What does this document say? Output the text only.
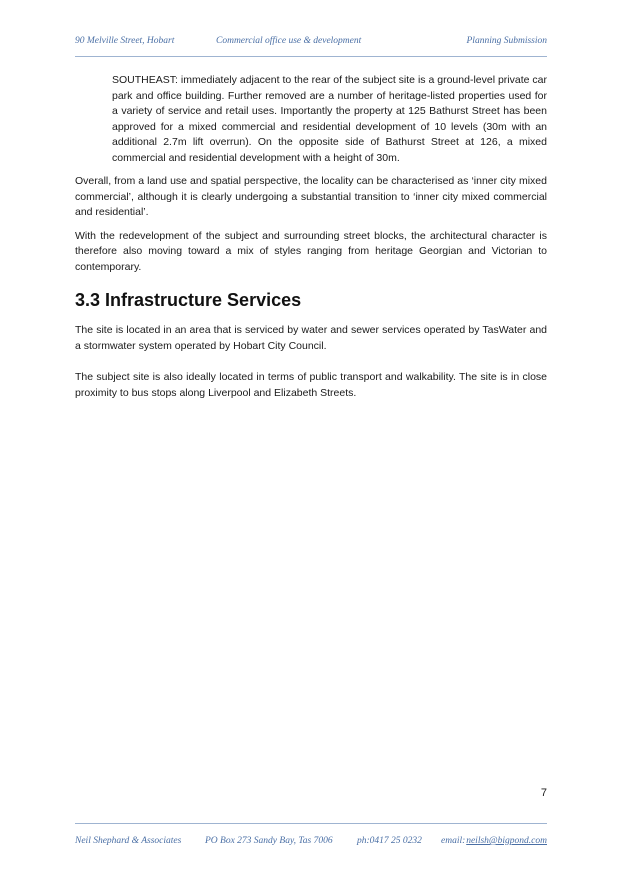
90 Melville Street, Hobart	Commercial office use & development	Planning Submission

SOUTHEAST: immediately adjacent to the rear of the subject site is a ground-level private car park and office building. Further removed are a number of heritage-listed properties used for a variety of service and retail uses. Importantly the property at 125 Bathurst Street has been approved for a mixed commercial and residential development of 10 levels (30m with an additional 2.7m lift overrun). On the opposite side of Bathurst Street at 126, a mixed commercial and residential development with a height of 30m.

Overall, from a land use and spatial perspective, the locality can be characterised as ‘inner city mixed commercial’, although it is clearly undergoing a substantial transition to ‘inner city mixed commercial and residential’.

With the redevelopment of the subject and surrounding street blocks, the architectural character is therefore also moving toward a mix of styles ranging from heritage Georgian and Victorian to contemporary.

3.3 Infrastructure Services

The site is located in an area that is serviced by water and sewer services operated by TasWater and a stormwater system operated by Hobart City Council.

The subject site is also ideally located in terms of public transport and walkability. The site is in close proximity to bus stops along Liverpool and Elizabeth Streets.

7
Neil Shephard & Associates PO Box 273 Sandy Bay, Tas 7006	ph:0417 25 0232 email: neilsh@bigpond.com
